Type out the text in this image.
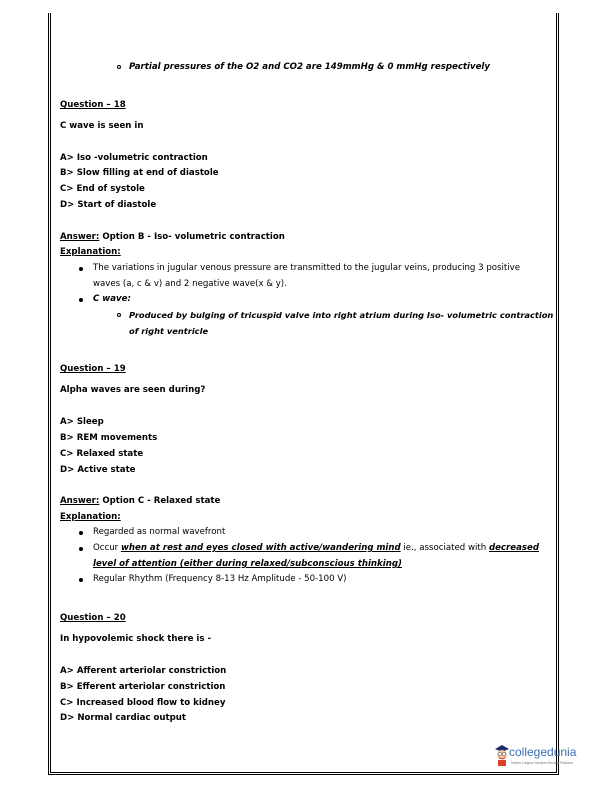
Partial pressures of the O2 and CO2 are 149mmHg & 0 mmHg respectively
Question – 18
C wave is seen in
A> Iso -volumetric contraction
B> Slow filling at end of diastole
C> End of systole
D> Start of diastole
Answer: Option B - Iso- volumetric contraction
Explanation:
The variations in jugular venous pressure are transmitted to the jugular veins, producing 3 positive
waves (a, c & v) and 2 negative wave(x & y).
C wave:
Produced by bulging of tricuspid valve into right atrium during Iso- volumetric contraction
of right ventricle
Question – 19
Alpha waves are seen during?
A> Sleep
B> REM movements
C> Relaxed state
D> Active state
Answer: Option C - Relaxed state
Explanation:
Regarded as normal wavefront
Occur when at rest and eyes closed with active/wandering mind ie., associated with decreased
level of attention (either during relaxed/subconscious thinking)
Regular Rhythm (Frequency 8-13 Hz Amplitude - 50-100 V)
Question – 20
In hypovolemic shock there is -
A> Afferent arteriolar constriction
B> Efferent arteriolar constriction
C> Increased blood flow to kidney
D> Normal cardiac output
collegedunia
India's Largest Student Review Platform
